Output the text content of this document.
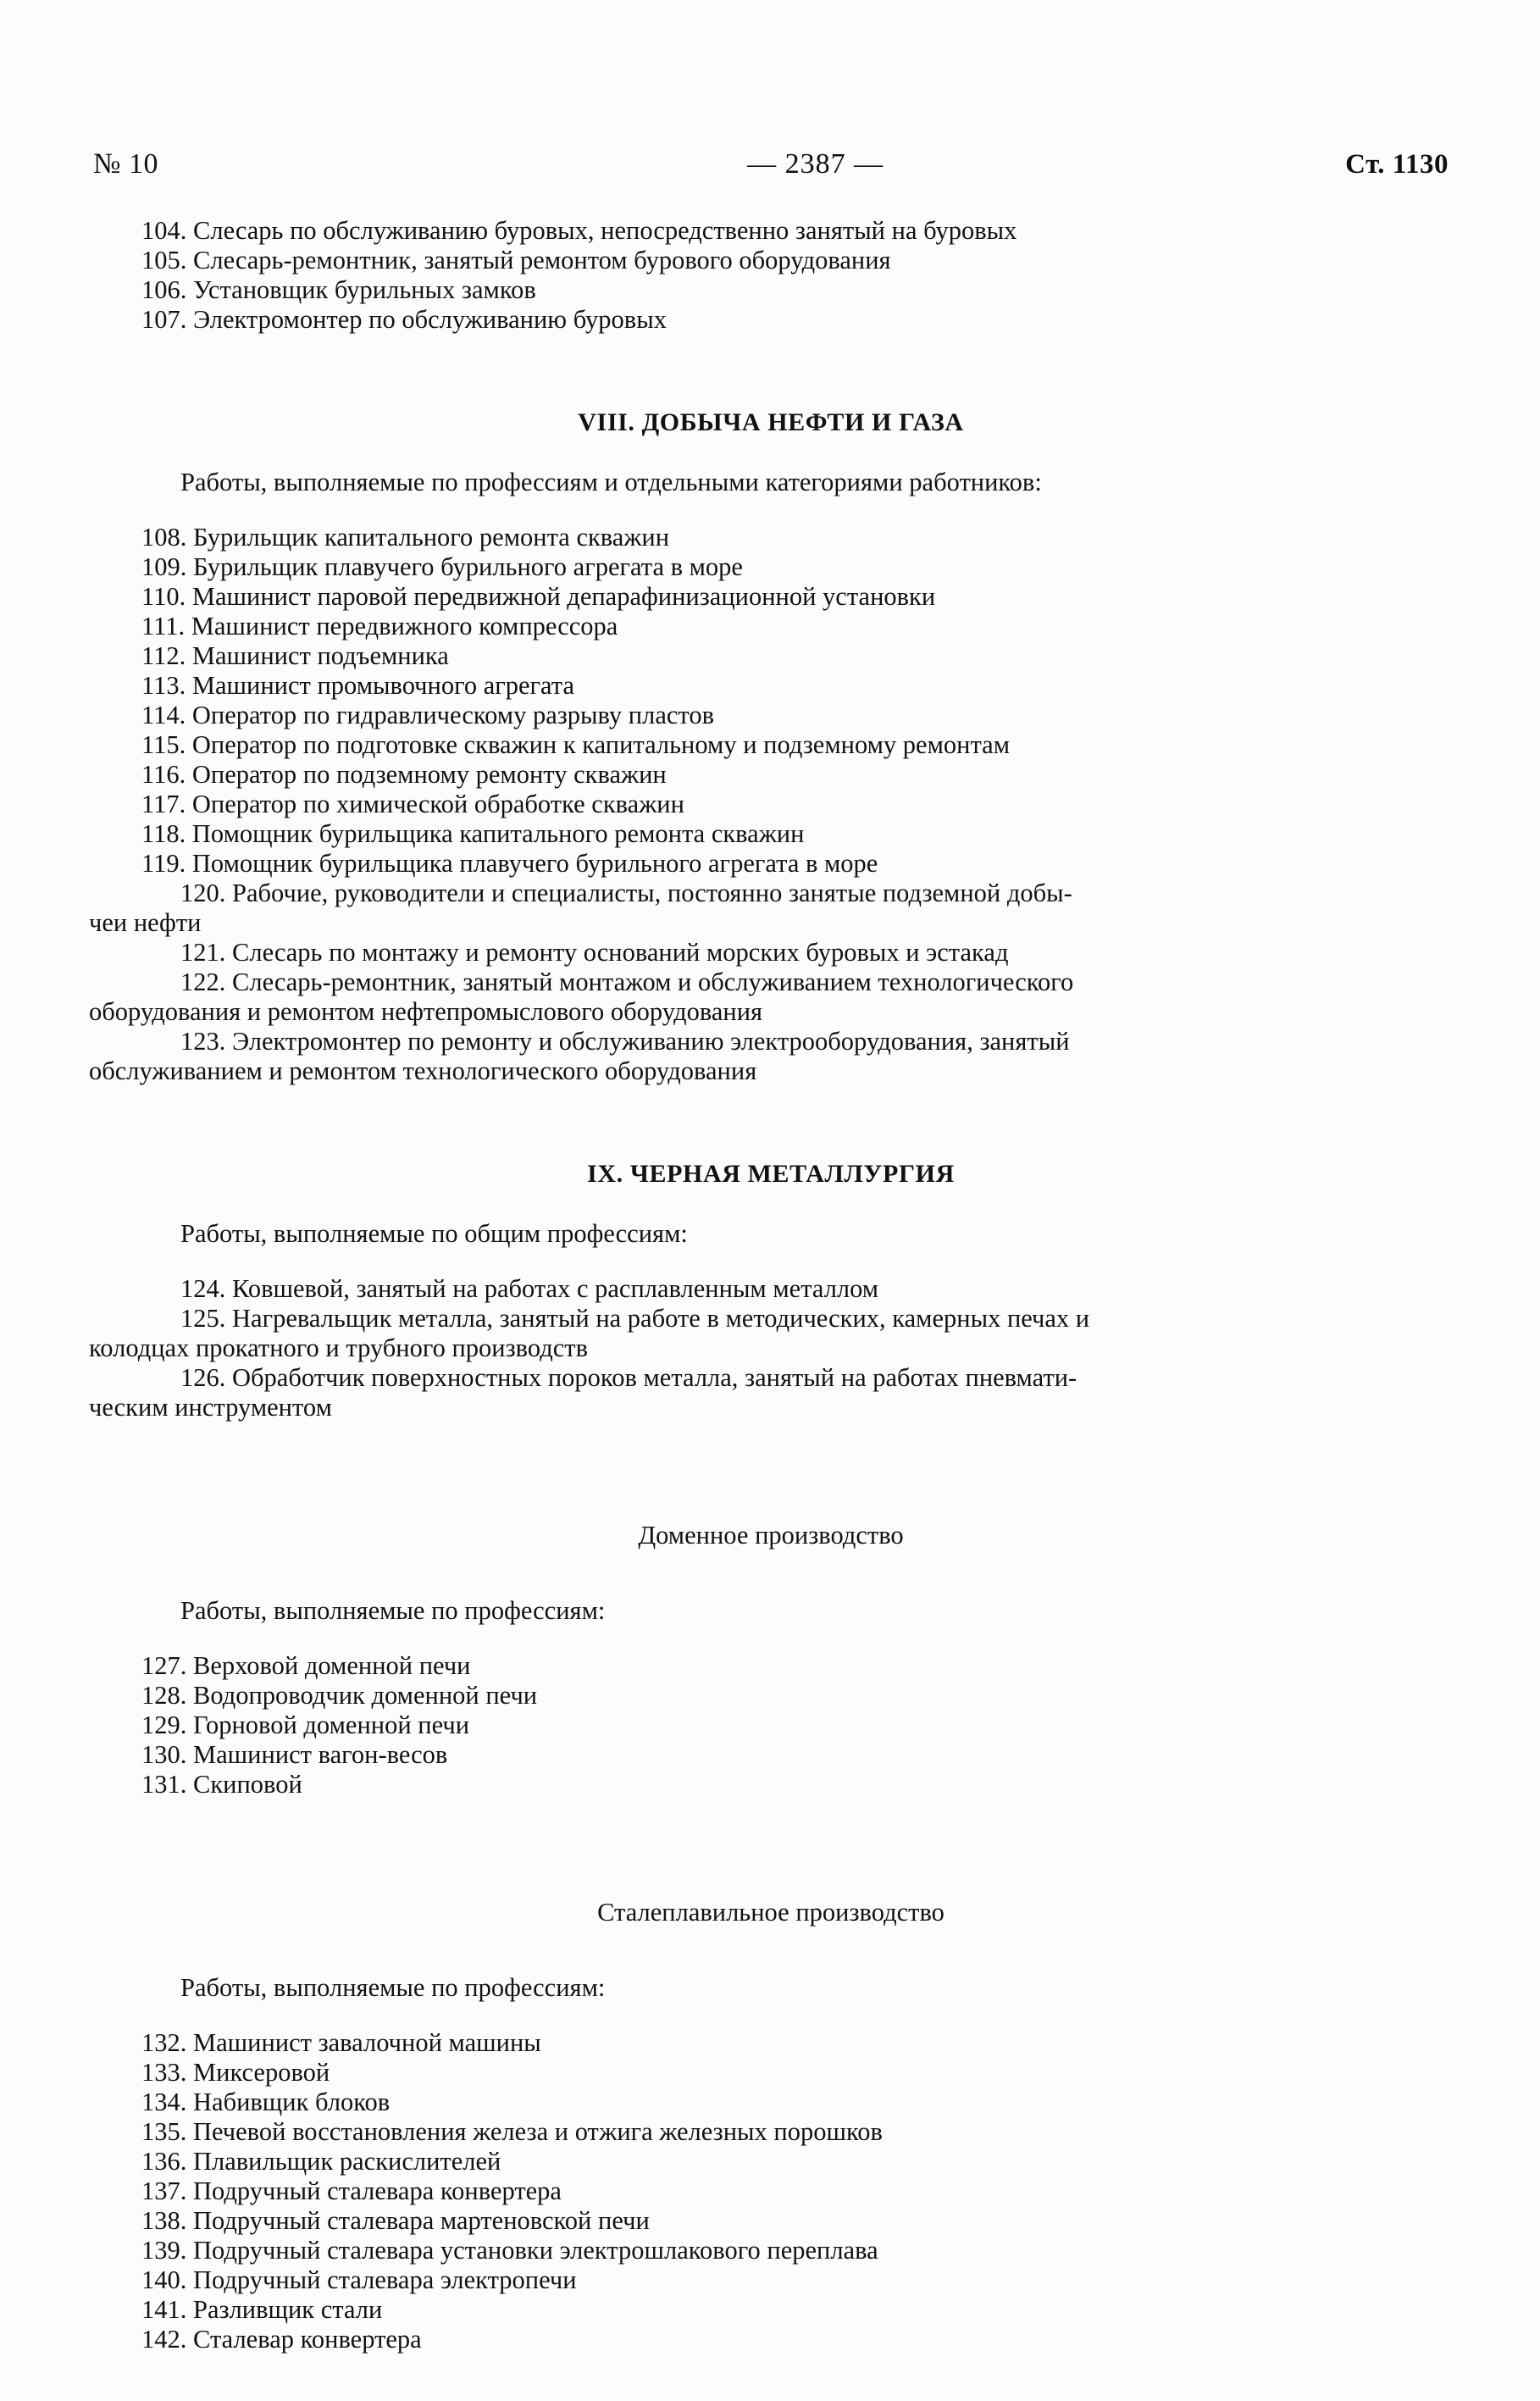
№ 10	— 2387 —	Ст. 1130
104. Слесарь по обслуживанию буровых, непосредственно занятый на буровых
105. Слесарь-ремонтник, занятый ремонтом бурового оборудования
106. Установщик бурильных замков
107. Электромонтер по обслуживанию буровых
VIII. ДОБЫЧА НЕФТИ И ГАЗА
Работы, выполняемые по профессиям и отдельными категориями работников:
108. Бурильщик капитального ремонта скважин
109. Бурильщик плавучего бурильного агрегата в море
110. Машинист паровой передвижной депарафинизационной установки
111. Машинист передвижного компрессора
112. Машинист подъемника
113. Машинист промывочного агрегата
114. Оператор по гидравлическому разрыву пластов
115. Оператор по подготовке скважин к капитальному и подземному ремонтам
116. Оператор по подземному ремонту скважин
117. Оператор по химической обработке скважин
118. Помощник бурильщика капитального ремонта скважин
119. Помощник бурильщика плавучего бурильного агрегата в море
120. Рабочие, руководители и специалисты, постоянно занятые подземной добы-
чеи нефти
121. Слесарь по монтажу и ремонту оснований морских буровых и эстакад
122. Слесарь-ремонтник, занятый монтажом и обслуживанием технологического
оборудования и ремонтом нефтепромыслового оборудования
123. Электромонтер по ремонту и обслуживанию электрооборудования, занятый
обслуживанием и ремонтом технологического оборудования
IX. ЧЕРНАЯ МЕТАЛЛУРГИЯ
Работы, выполняемые по общим профессиям:
124. Ковшевой, занятый на работах с расплавленным металлом
125. Нагревальщик металла, занятый на работе в методических, камерных печах и
колодцах прокатного и трубного производств
126. Обработчик поверхностных пороков металла, занятый на работах пневмати-
ческим инструментом
Доменное производство
Работы, выполняемые по профессиям:
127. Верховой доменной печи
128. Водопроводчик доменной печи
129. Горновой доменной печи
130. Машинист вагон-весов
131. Скиповой
Сталеплавильное производство
Работы, выполняемые по профессиям:
132. Машинист завалочной машины
133. Миксеровой
134. Набивщик блоков
135. Печевой восстановления железа и отжига железных порошков
136. Плавильщик раскислителей
137. Подручный сталевара конвертера
138. Подручный сталевара мартеновской печи
139. Подручный сталевара установки электрошлакового переплава
140. Подручный сталевара электропечи
141. Разливщик стали
142. Сталевар конвертера
